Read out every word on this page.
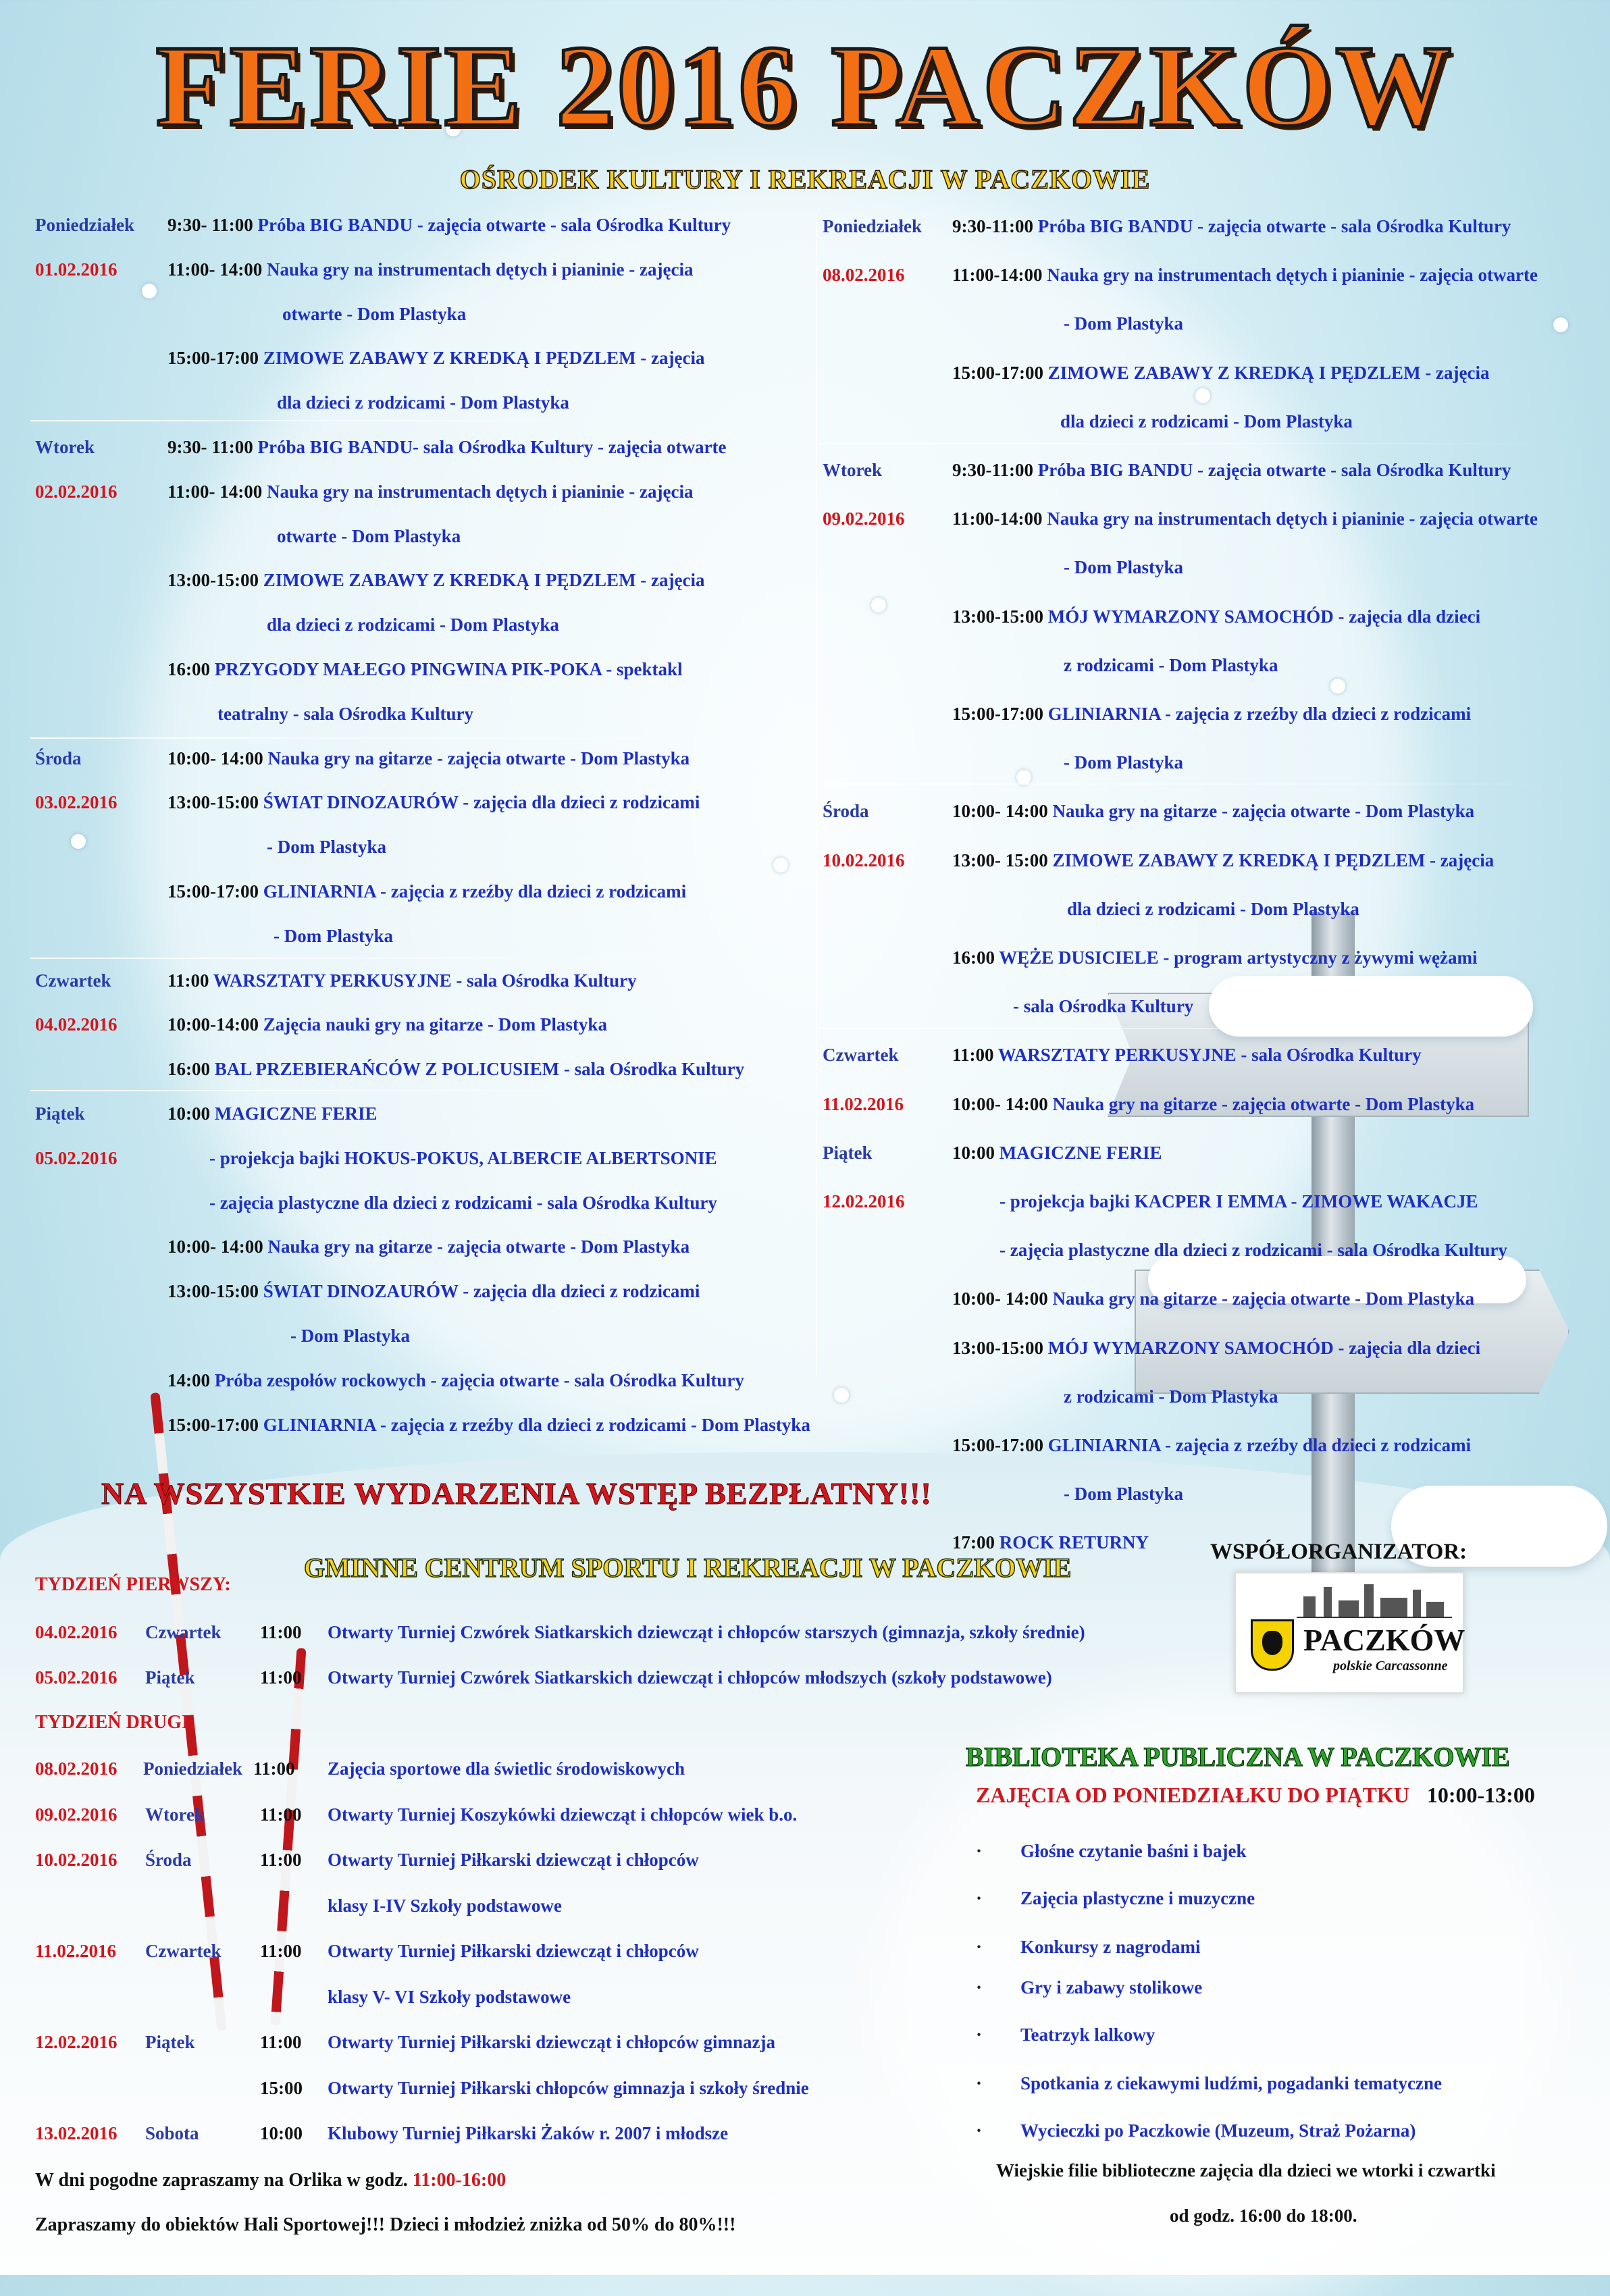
FERIE 2016 PACZKÓW
OŚRODEK KULTURY I REKREACJI W PACZKOWIE
Poniedziałek 9:30- 11:00 Próba BIG BANDU - zajęcia otwarte - sala Ośrodka Kultury
01.02.2016	11:00- 14:00 Nauka gry na instrumentach dętych i pianinie - zajęcia
otwarte - Dom Plastyka
15:00-17:00 ZIMOWE ZABAWY Z KREDKĄ I PĘDZLEM - zajęcia
dla dzieci z rodzicami - Dom Plastyka
Wtorek	9:30- 11:00 Próba BIG BANDU- sala Ośrodka Kultury - zajęcia otwarte
02.02.2016	11:00- 14:00 Nauka gry na instrumentach dętych i pianinie - zajęcia
otwarte - Dom Plastyka
13:00-15:00 ZIMOWE ZABAWY Z KREDKĄ I PĘDZLEM - zajęcia
dla dzieci z rodzicami - Dom Plastyka
16:00 PRZYGODY MAŁEGO PINGWINA PIK-POKA - spektakl
teatralny - sala Ośrodka Kultury
Środa	10:00- 14:00 Nauka gry na gitarze - zajęcia otwarte - Dom Plastyka
03.02.2016	13:00-15:00 ŚWIAT DINOZAURÓW - zajęcia dla dzieci z rodzicami
- Dom Plastyka
15:00-17:00 GLINIARNIA - zajęcia z rzeźby dla dzieci z rodzicami
- Dom Plastyka
Czwartek	11:00 WARSZTATY PERKUSYJNE - sala Ośrodka Kultury
04.02.2016	10:00-14:00 Zajęcia nauki gry na gitarze - Dom Plastyka
16:00 BAL PRZEBIERAŃCÓW Z POLICUSIEM - sala Ośrodka Kultury
Piątek	10:00 MAGICZNE FERIE
05.02.2016	- projekcja bajki HOKUS-POKUS, ALBERCIE ALBERTSONIE
- zajęcia plastyczne dla dzieci z rodzicami - sala Ośrodka Kultury
10:00- 14:00 Nauka gry na gitarze - zajęcia otwarte - Dom Plastyka
13:00-15:00 ŚWIAT DINOZAURÓW - zajęcia dla dzieci z rodzicami
- Dom Plastyka
14:00 Próba zespołów rockowych - zajęcia otwarte - sala Ośrodka Kultury
15:00-17:00 GLINIARNIA - zajęcia z rzeźby dla dzieci z rodzicami - Dom Plastyka
Poniedziałek 9:30-11:00 Próba BIG BANDU - zajęcia otwarte - sala Ośrodka Kultury
08.02.2016	11:00-14:00 Nauka gry na instrumentach dętych i pianinie - zajęcia otwarte
- Dom Plastyka
15:00-17:00 ZIMOWE ZABAWY Z KREDKĄ I PĘDZLEM - zajęcia
dla dzieci z rodzicami - Dom Plastyka
Wtorek	9:30-11:00 Próba BIG BANDU - zajęcia otwarte - sala Ośrodka Kultury
09.02.2016	11:00-14:00 Nauka gry na instrumentach dętych i pianinie - zajęcia otwarte
- Dom Plastyka
13:00-15:00 MÓJ WYMARZONY SAMOCHÓD - zajęcia dla dzieci
z rodzicami - Dom Plastyka
15:00-17:00 GLINIARNIA - zajęcia z rzeźby dla dzieci z rodzicami
- Dom Plastyka
Środa	10:00- 14:00 Nauka gry na gitarze - zajęcia otwarte - Dom Plastyka
10.02.2016	13:00- 15:00 ZIMOWE ZABAWY Z KREDKĄ I PĘDZLEM - zajęcia
dla dzieci z rodzicami - Dom Plastyka
16:00 WĘŻE DUSICIELE - program artystyczny z żywymi wężami
- sala Ośrodka Kultury
Czwartek	11:00 WARSZTATY PERKUSYJNE - sala Ośrodka Kultury
11.02.2016	10:00- 14:00 Nauka gry na gitarze - zajęcia otwarte - Dom Plastyka
Piątek	10:00 MAGICZNE FERIE
12.02.2016	- projekcja bajki KACPER I EMMA - ZIMOWE WAKACJE
- zajęcia plastyczne dla dzieci z rodzicami - sala Ośrodka Kultury
10:00- 14:00 Nauka gry na gitarze - zajęcia otwarte - Dom Plastyka
13:00-15:00 MÓJ WYMARZONY SAMOCHÓD - zajęcia dla dzieci
z rodzicami - Dom Plastyka
15:00-17:00 GLINIARNIA - zajęcia z rzeźby dla dzieci z rodzicami
- Dom Plastyka
17:00 ROCK RETURNY
NA WSZYSTKIE WYDARZENIA WSTĘP BEZPŁATNY!!!
GMINNE CENTRUM SPORTU I REKREACJI W PACZKOWIE
WSPÓŁORGANIZATOR:
PACZKÓW
polskie Carcassonne
TYDZIEŃ PIERWSZY:
TYDZIEŃ DRUGI:
04.02.2016 Czwartek 11:00 Otwarty Turniej Czwórek Siatkarskich dziewcząt i chłopców starszych (gimnazja, szkoły średnie)
05.02.2016 Piątek	11:00 Otwarty Turniej Czwórek Siatkarskich dziewcząt i chłopców młodszych (szkoły podstawowe)
08.02.2016 Poniedziałek 11:00 Zajęcia sportowe dla świetlic środowiskowych
09.02.2016 Wtorek	11:00 Otwarty Turniej Koszykówki dziewcząt i chłopców wiek b.o.
10.02.2016 Środa	11:00 Otwarty Turniej Piłkarski dziewcząt i chłopców
klasy I-IV Szkoły podstawowe
11.02.2016 Czwartek 11:00 Otwarty Turniej Piłkarski dziewcząt i chłopców
klasy V- VI Szkoły podstawowe
12.02.2016 Piątek	11:00 Otwarty Turniej Piłkarski dziewcząt i chłopców gimnazja
15:00 Otwarty Turniej Piłkarski chłopców gimnazja i szkoły średnie
13.02.2016 Sobota	10:00 Klubowy Turniej Piłkarski Żaków r. 2007 i młodsze
W dni pogodne zapraszamy na Orlika w godz. 11:00-16:00
Zapraszamy do obiektów Hali Sportowej!!! Dzieci i młodzież zniżka od 50% do 80%!!!
BIBLIOTEKA PUBLICZNA W PACZKOWIE
ZAJĘCIA OD PONIEDZIAŁKU DO PIĄTKU 10:00-13:00
· Głośne czytanie baśni i bajek
· Zajęcia plastyczne i muzyczne
· Konkursy z nagrodami
· Gry i zabawy stolikowe
· Teatrzyk lalkowy
· Spotkania z ciekawymi ludźmi, pogadanki tematyczne
· Wycieczki po Paczkowie (Muzeum, Straż Pożarna)
Wiejskie filie biblioteczne zajęcia dla dzieci we wtorki i czwartki
od godz. 16:00 do 18:00.
